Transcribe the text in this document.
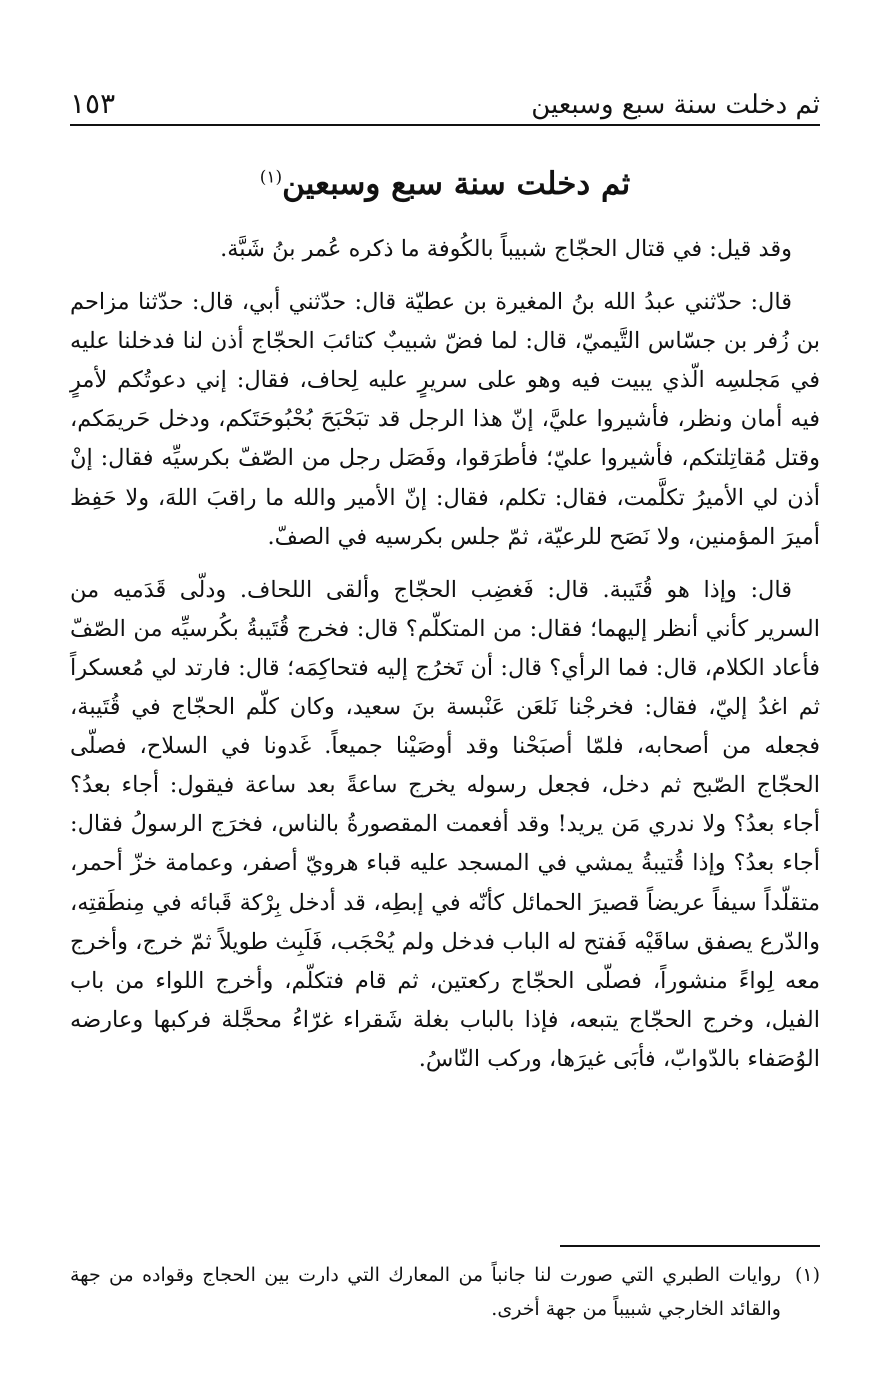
ثم دخلت سنة سبع وسبعين
١٥٣
ثم دخلت سنة سبع وسبعين$^{(١)}$

وقد قيل: في قتال الحجّاج شبيباً بالكُوفة ما ذكره عُمر بنُ شَبَّة.

قال: حدّثني عبدُ الله بنُ المغيرة بن عطيّة قال: حدّثني أبي، قال: حدّثنا مزاحم بن زُفر بن جسّاس التَّيميّ، قال: لما فضّ شبيبٌ كتائبَ الحجّاج أذن لنا فدخلنا عليه في مَجلسِه الّذي يبيت فيه وهو على سريرٍ عليه لِحاف، فقال: إني دعوتُكم لأمرٍ فيه أمان ونظر، فأشيروا عليَّ، إنّ هذا الرجل قد تبَحْبَحَ بُحْبُوحَتَكم، ودخل حَريمَكم، وقتل مُقاتِلتكم، فأشيروا عليّ؛ فأطرَقوا، وفَصَل رجل من الصّفّ بكرسيِّه فقال: إنْ أذن لي الأميرُ تكلَّمت، فقال: تكلم، فقال: إنّ الأمير والله ما راقبَ اللهَ، ولا حَفِظ أميرَ المؤمنين، ولا نَصَح للرعيّة، ثمّ جلس بكرسيه في الصفّ.

قال: وإذا هو قُتَيبة. قال: فَغضِب الحجّاج وألقى اللحاف. ودلّى قَدَميه من السرير كأني أنظر إليهما؛ فقال: من المتكلّم؟ قال: فخرج قُتَيبةُ بكُرسيِّه من الصّفّ فأعاد الكلام، قال: فما الرأي؟ قال: أن تَخرُج إليه فتحاكِمَه؛ قال: فارتد لي مُعسكراً ثم اغدُ إليّ، فقال: فخرجْنا نَلعَن عَنْبسة بنَ سعيد، وكان كلّم الحجّاج في قُتَيبة، فجعله من أصحابه، فلمّا أصبَحْنا وقد أوصَيْنا جميعاً. غَدونا في السلاح، فصلّى الحجّاج الصّبح ثم دخل، فجعل رسوله يخرج ساعةً بعد ساعة فيقول: أجاء بعدُ؟ أجاء بعدُ؟ ولا ندري مَن يريد! وقد أفعمت المقصورةُ بالناس، فخرَج الرسولُ فقال: أجاء بعدُ؟ وإذا قُتيبةُ يمشي في المسجد عليه قباء هرويّ أصفر، وعمامة خزّ أحمر، متقلّداً سيفاً عريضاً قصيرَ الحمائل كأنّه في إبطِه، قد أدخل بِرْكة قَبائه في مِنطَقتِه، والدّرع يصفق ساقَيْه فَفتح له الباب فدخل ولم يُحْجَب، فَلَبِث طويلاً ثمّ خرج، وأخرج معه لِواءً منشوراً، فصلّى الحجّاج ركعتين، ثم قام فتكلّم، وأخرج اللواء من باب الفيل، وخرج الحجّاج يتبعه، فإذا بالباب بغلة شَقراء غرّاءُ محجَّلة فركبها وعارضه الوُصَفاء بالدّوابّ، فأبَى غيرَها، وركب النّاسُ.

(١)
روايات الطبري التي صورت لنا جانباً من المعارك التي دارت بين الحجاج وقواده من جهة والقائد الخارجي شبيباً من جهة أخرى.
